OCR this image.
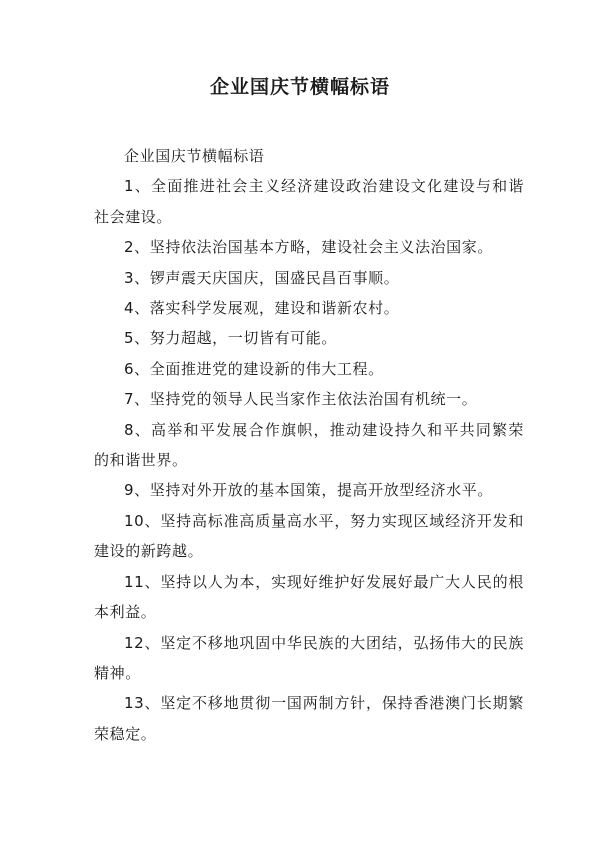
企业国庆节横幅标语

企业国庆节横幅标语

1、全面推进社会主义经济建设政治建设文化建设与和谐社会建设。

2、坚持依法治国基本方略，建设社会主义法治国家。

3、锣声震天庆国庆，国盛民昌百事顺。

4、落实科学发展观，建设和谐新农村。

5、努力超越，一切皆有可能。

6、全面推进党的建设新的伟大工程。

7、坚持党的领导人民当家作主依法治国有机统一。

8、高举和平发展合作旗帜，推动建设持久和平共同繁荣的和谐世界。

9、坚持对外开放的基本国策，提高开放型经济水平。

10、坚持高标准高质量高水平，努力实现区域经济开发和建设的新跨越。

11、坚持以人为本，实现好维护好发展好最广大人民的根本利益。

12、坚定不移地巩固中华民族的大团结，弘扬伟大的民族精神。

13、坚定不移地贯彻一国两制方针，保持香港澳门长期繁荣稳定。
